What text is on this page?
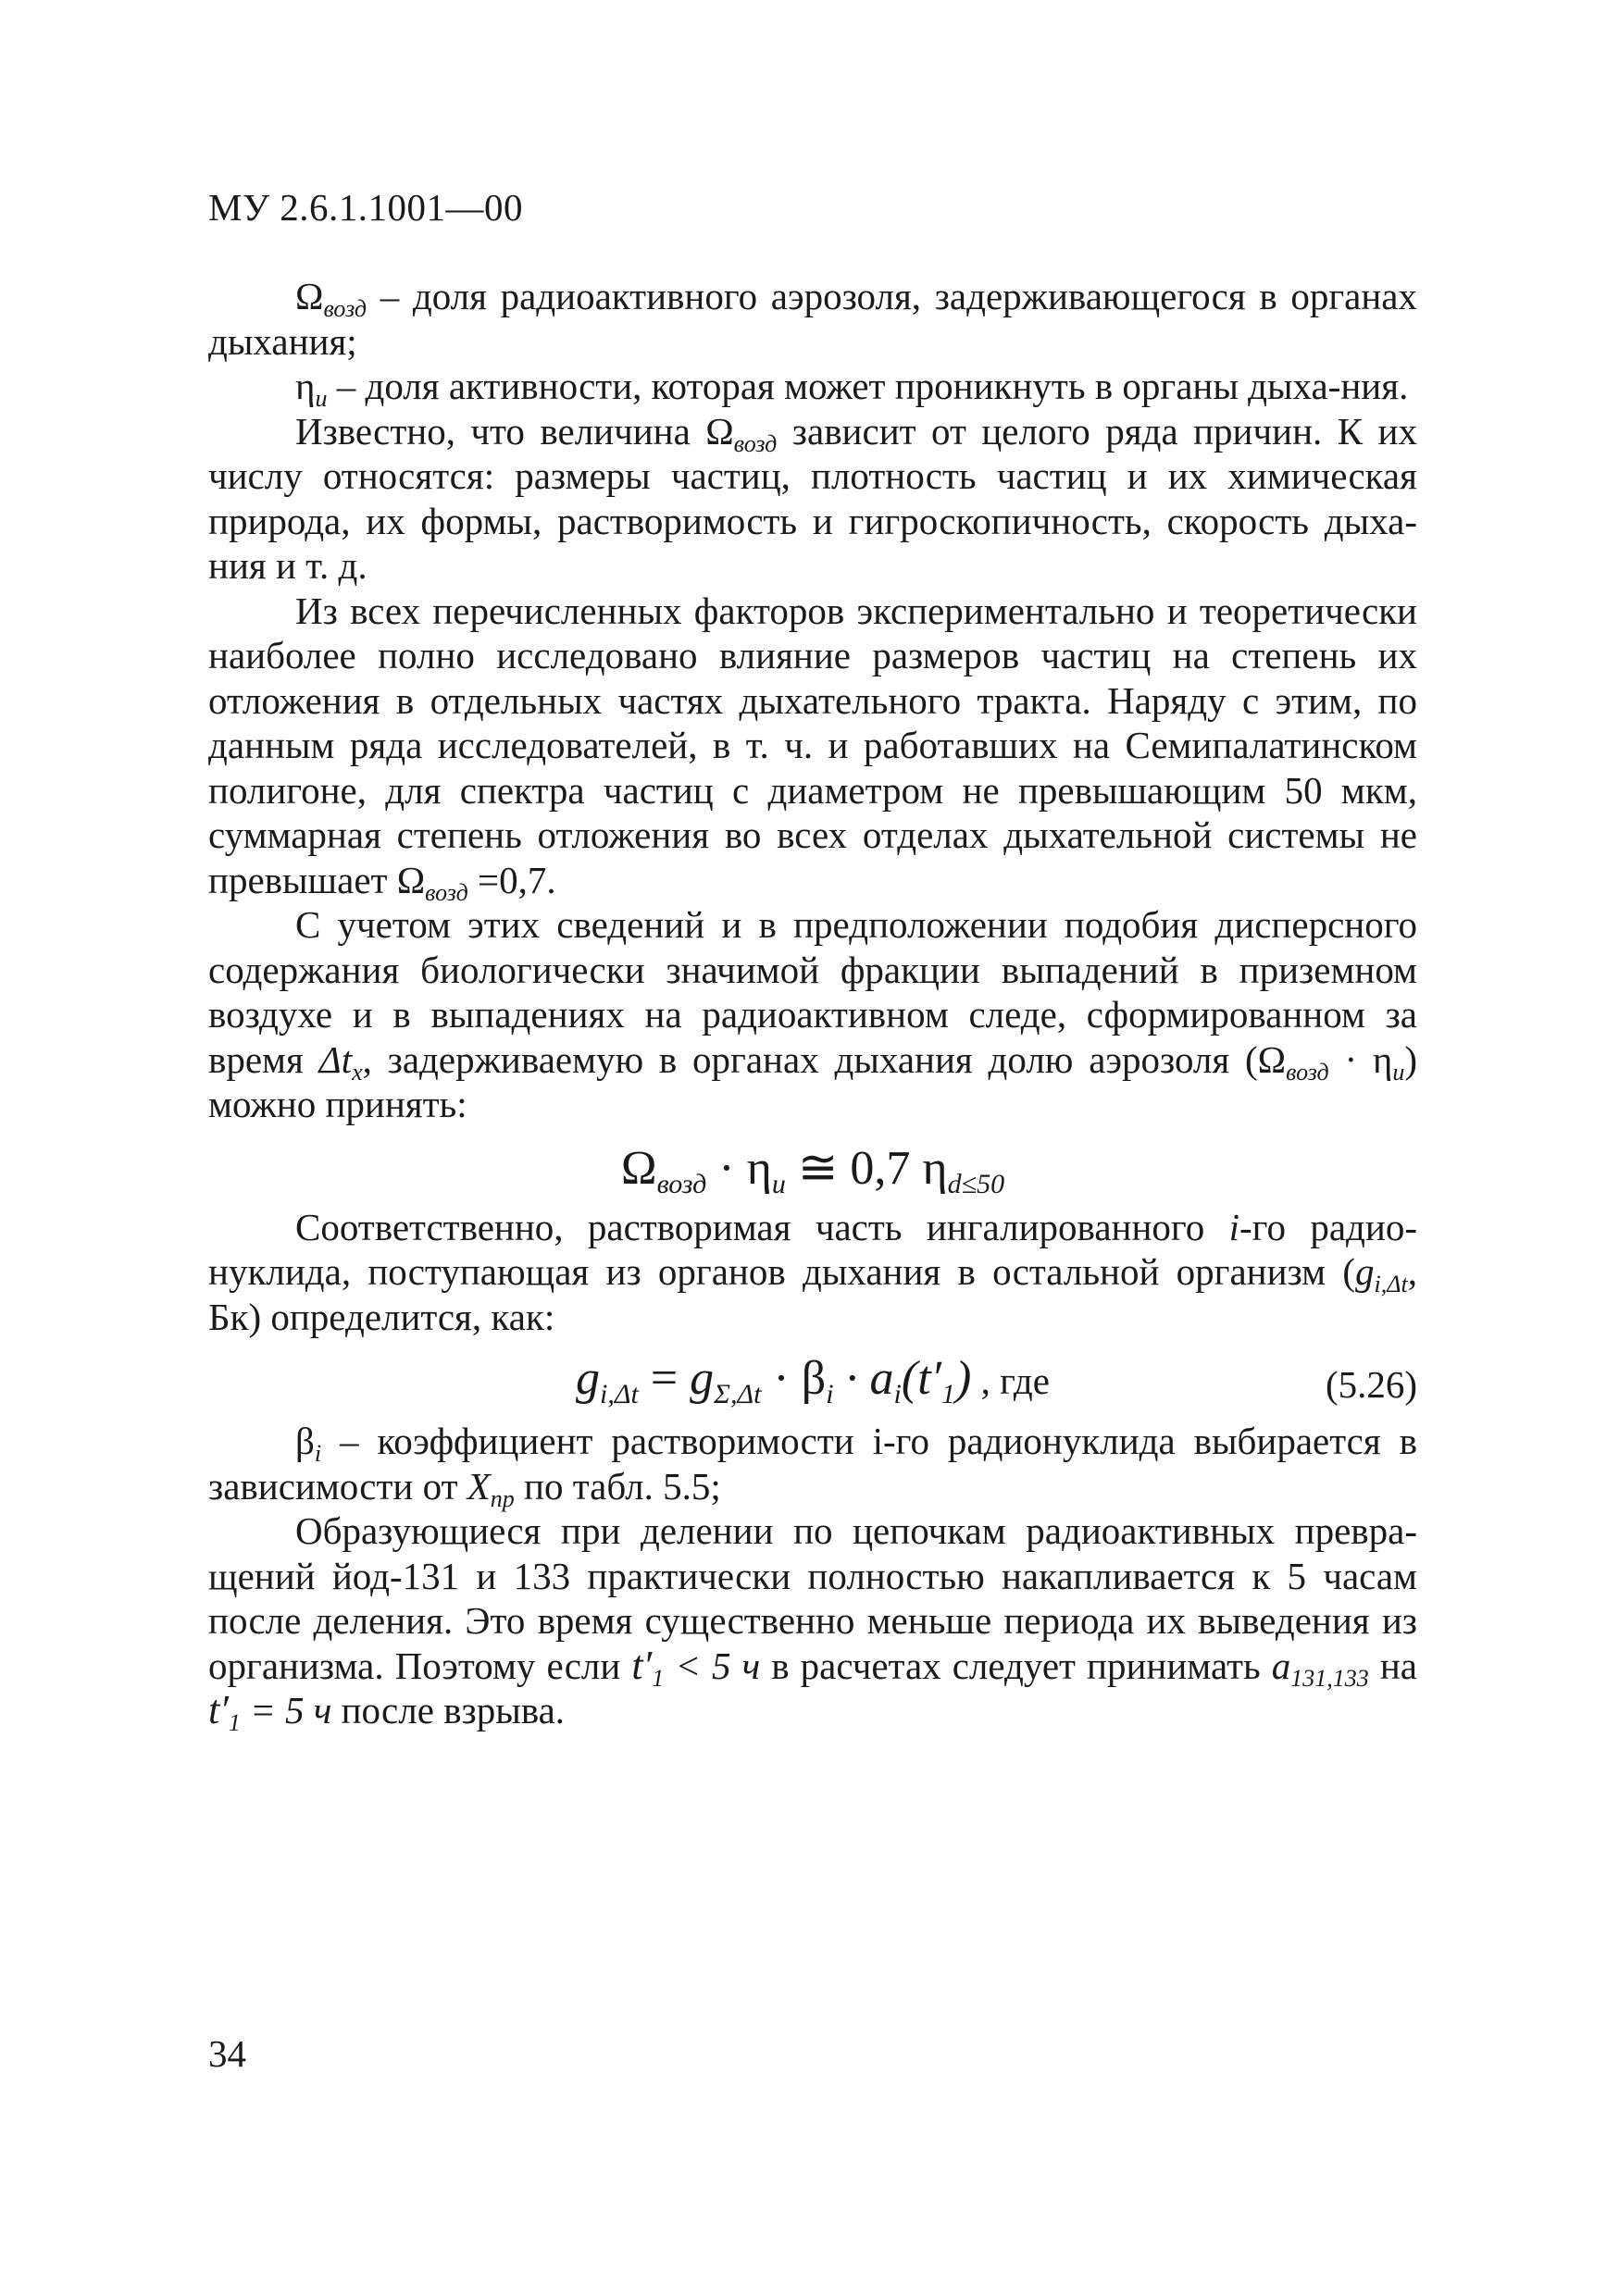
МУ 2.6.1.1001—00

$\Omega_{возд}$ – доля радиоактивного аэрозоля, задерживающегося в органах дыхания;

$\eta_u$ – доля активности, которая может проникнуть в органы дыха-ния.

Известно, что величина $\Omega_{возд}$ зависит от целого ряда причин. К их числу относятся: размеры частиц, плотность частиц и их химическая природа, их формы, растворимость и гигроскопичность, скорость дыха-ния и т. д.

Из всех перечисленных факторов экспериментально и теоретически наиболее полно исследовано влияние размеров частиц на степень их отложения в отдельных частях дыхательного тракта. Наряду с этим, по данным ряда исследователей, в т. ч. и работавших на Семипалатинском полигоне, для спектра частиц с диаметром не превышающим 50 мкм, суммарная степень отложения во всех отделах дыхательной системы не превышает $\Omega_{возд} =0,7$.

С учетом этих сведений и в предположении подобия дисперсного содержания биологически значимой фракции выпадений в приземном воздухе и в выпадениях на радиоактивном следе, сформированном за время $\Delta t_x$, задерживаемую в органах дыхания долю аэрозоля $(\Omega_{возд} \cdot \eta_u)$ можно принять:

$\Omega_{возд} \cdot \eta_u$ ≅ 0,7 $\eta_{d\le 50}$

Соответственно, растворимая часть ингалированного i-го радио-нуклида, поступающая из органов дыхания в остальной организм ($g_{i,\Delta t}$, Бк) определится, как:

$g_{i,\Delta t} = g_{\Sigma,\Delta t} \cdot \beta_i \cdot a_i(t'_1)$ , где	(5.26)

$\beta_i$ – коэффициент растворимости i-го радионуклида выбирается в зависимости от $X_{пр}$ по табл. 5.5;

Образующиеся при делении по цепочкам радиоактивных превра-щений йод-131 и 133 практически полностью накапливается к 5 часам после деления. Это время существенно меньше периода их выведения из организма. Поэтому если $t'_1 < 5$ ч в расчетах следует принимать $a_{131,133}$ на $t'_1 = 5$ ч после взрыва.

34
